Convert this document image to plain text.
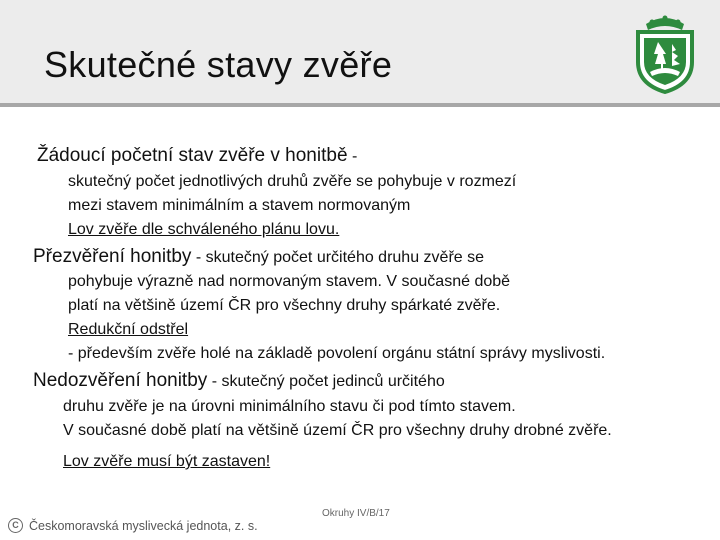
Skutečné stavy zvěře
Žádoucí početní stav zvěře v honitbě -
skutečný počet jednotlivých druhů zvěře se pohybuje v rozmezí
mezi stavem minimálním a stavem normovaným
Lov zvěře dle schváleného plánu lovu.
Přezvěření honitby - skutečný počet určitého druhu zvěře se
pohybuje výrazně nad normovaným stavem. V současné době
platí na většině území ČR pro všechny druhy spárkaté zvěře.
Redukční odstřel
- především zvěře holé na základě povolení orgánu státní správy myslivosti.
Nedozvěření honitby - skutečný počet jedinců určitého
druhu zvěře je na úrovni minimálního stavu či pod tímto stavem.
V současné době platí na většině území ČR pro všechny druhy drobné zvěře.
Lov zvěře musí být zastaven!
Okruhy IV/B/17
C Českomoravská myslivecká jednota, z. s.
